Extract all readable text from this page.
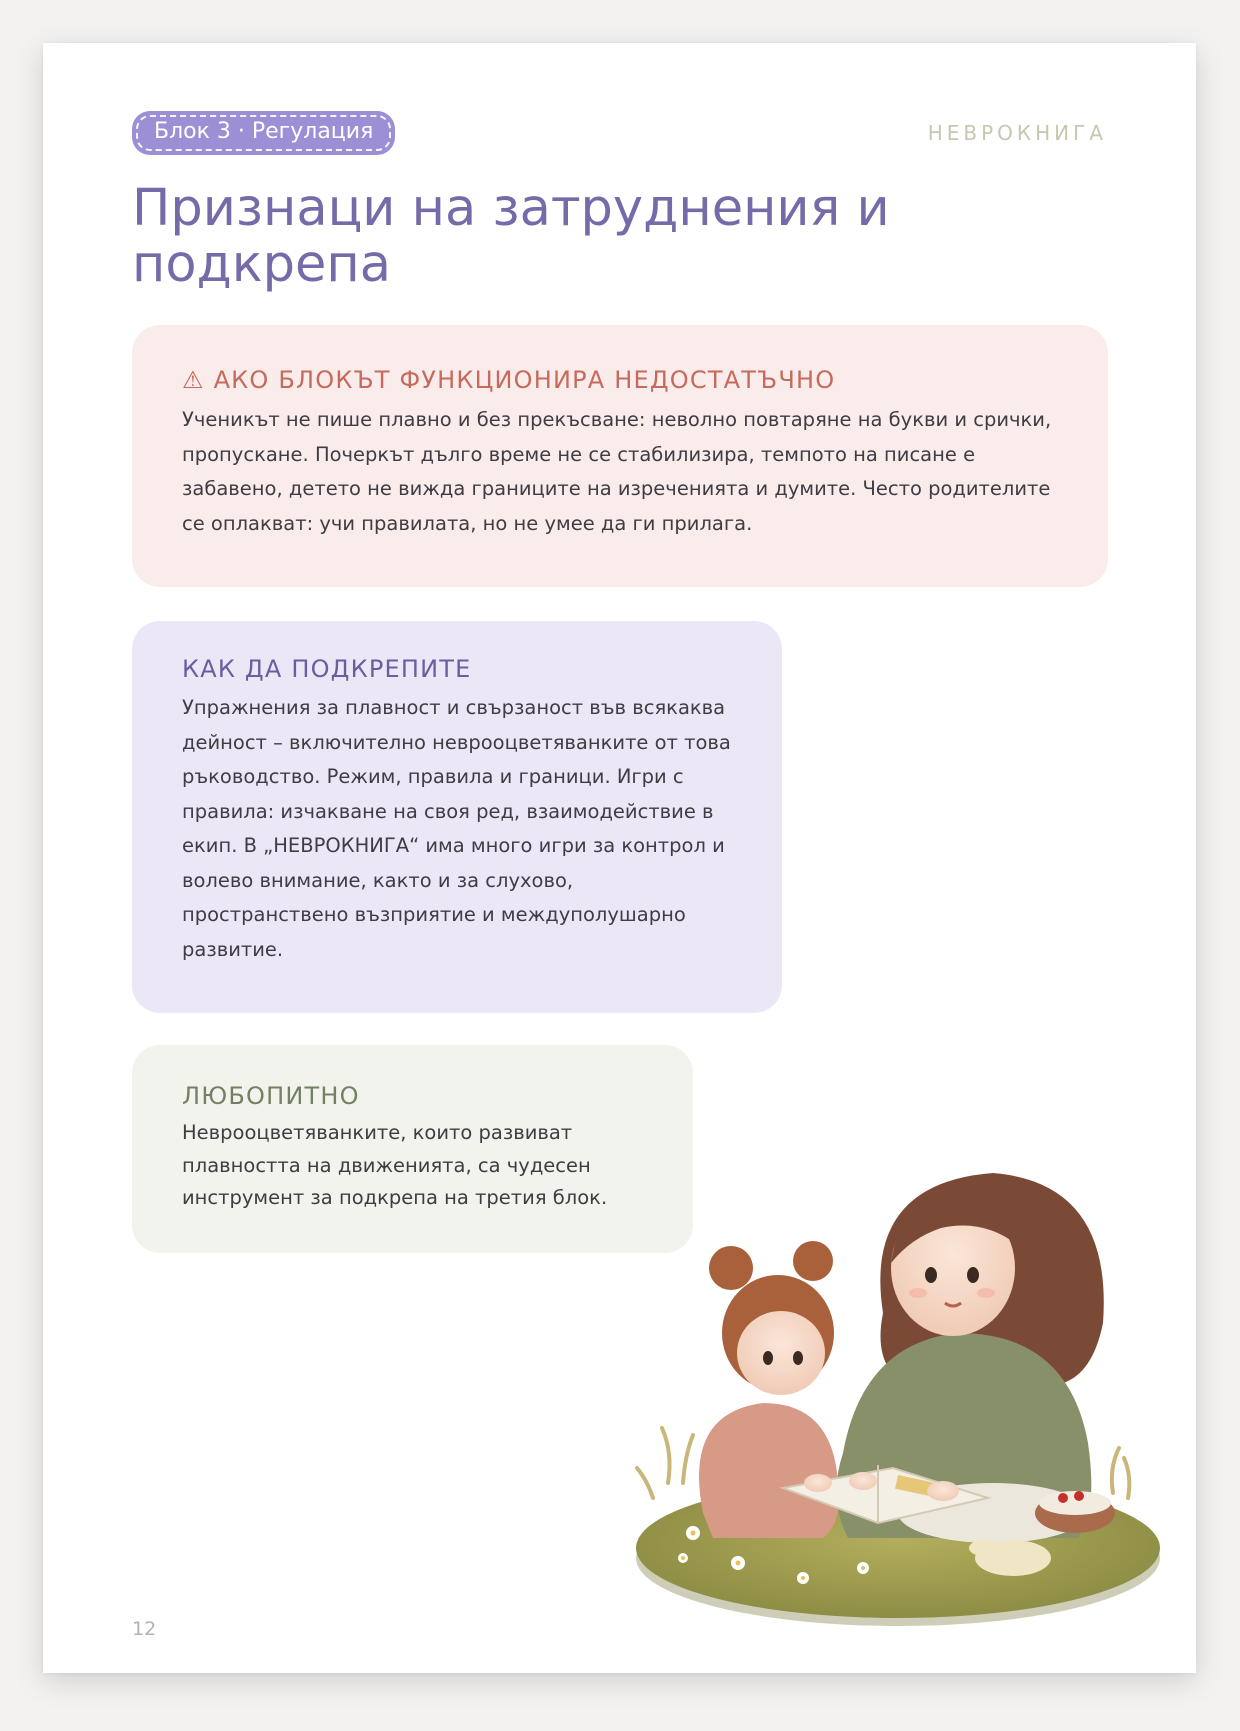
Блок 3 · Регулация	НЕВРОКНИГА
Признаци на затруднения и подкрепа
⚠ АКО БЛОКЪТ ФУНКЦИОНИРА НЕДОСТАТЪЧНО

Ученикът не пише плавно и без прекъсване: неволно повтаряне на букви и срички, пропускане. Почеркът дълго време не се стабилизира, темпото на писане е забавено, детето не вижда границите на изреченията и думите. Често родителите се оплакват: учи правилата, но не умее да ги прилага.

КАК ДА ПОДКРЕПИТЕ

Упражнения за плавност и свързаност във всякаква дейност – включително невроoцветяванките от това ръководство. Режим, правила и граници. Игри с правила: изчакване на своя ред, взаимодействие в екип. В „НЕВРОКНИГА“ има много игри за контрол и волево внимание, както и за слухово, пространствено възприятие и междуполушарно развитие.

ЛЮБОПИТНО

Невроoцветяванките, които развиват плавността на движенията, са чудесен инструмент за подкрепа на третия блок.

12
